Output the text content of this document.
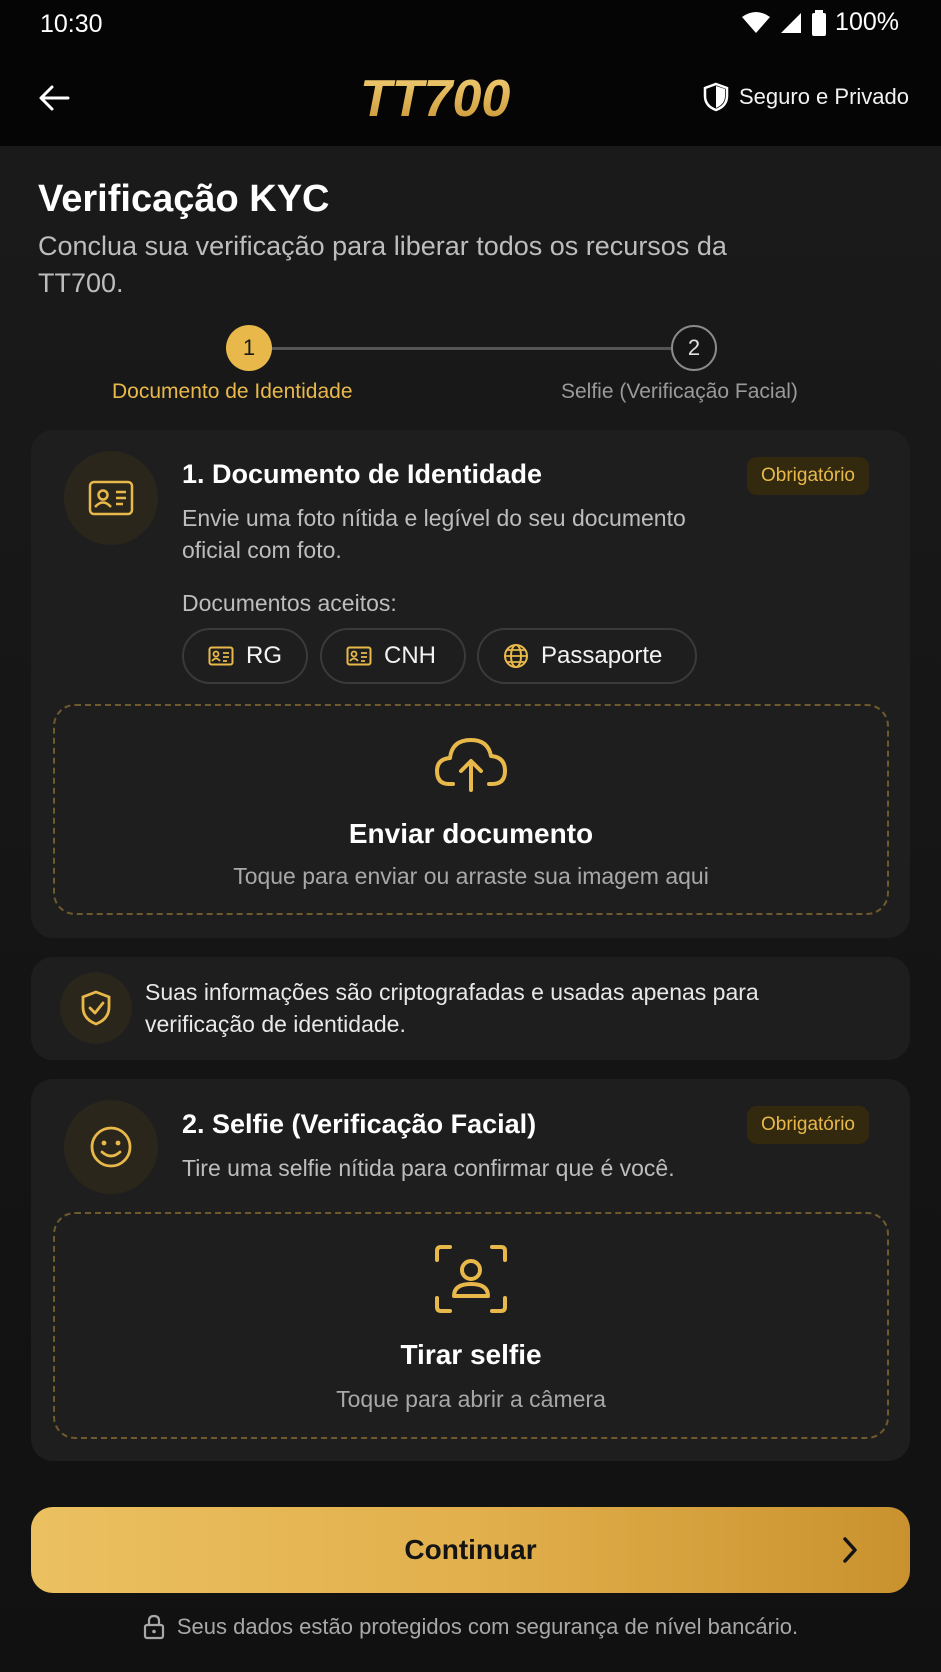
10:30	100%
TT700	Seguro e Privado
Verificação KYC

Conclua sua verificação para liberar todos os recursos da TT700.

1	2
Documento de Identidade	Selfie (Verificação Facial)
1. Documento de Identidade	Obrigatório
Envie uma foto nítida e legível do seu documento oficial com foto.
Documentos aceitos:
RG	CNH	Passaporte
Enviar documento
Toque para enviar ou arraste sua imagem aqui

Suas informações são criptografadas e usadas apenas para verificação de identidade.

2. Selfie (Verificação Facial)	Obrigatório
Tire uma selfie nítida para confirmar que é você.
Tirar selfie
Toque para abrir a câmera
Continuar
Seus dados estão protegidos com segurança de nível bancário.
